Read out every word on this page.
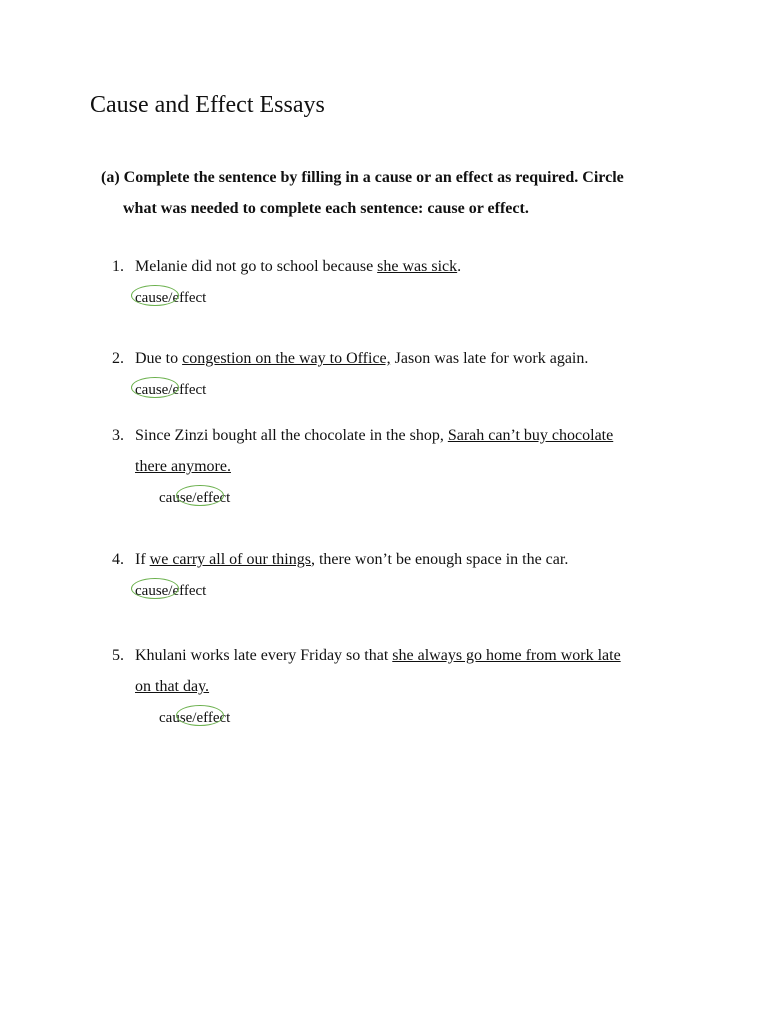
Cause and Effect Essays
(a) Complete the sentence by filling in a cause or an effect as required. Circle
what was needed to complete each sentence: cause or effect.
1. Melanie did not go to school because she was sick.
cause/effect
2. Due to congestion on the way to Office, Jason was late for work again.
cause/effect
3. Since Zinzi bought all the chocolate in the shop, Sarah can’t buy chocolate
there anymore.
cause/effect
4. If we carry all of our things, there won’t be enough space in the car.
cause/effect
5. Khulani works late every Friday so that she always go home from work late
on that day.
cause/effect
